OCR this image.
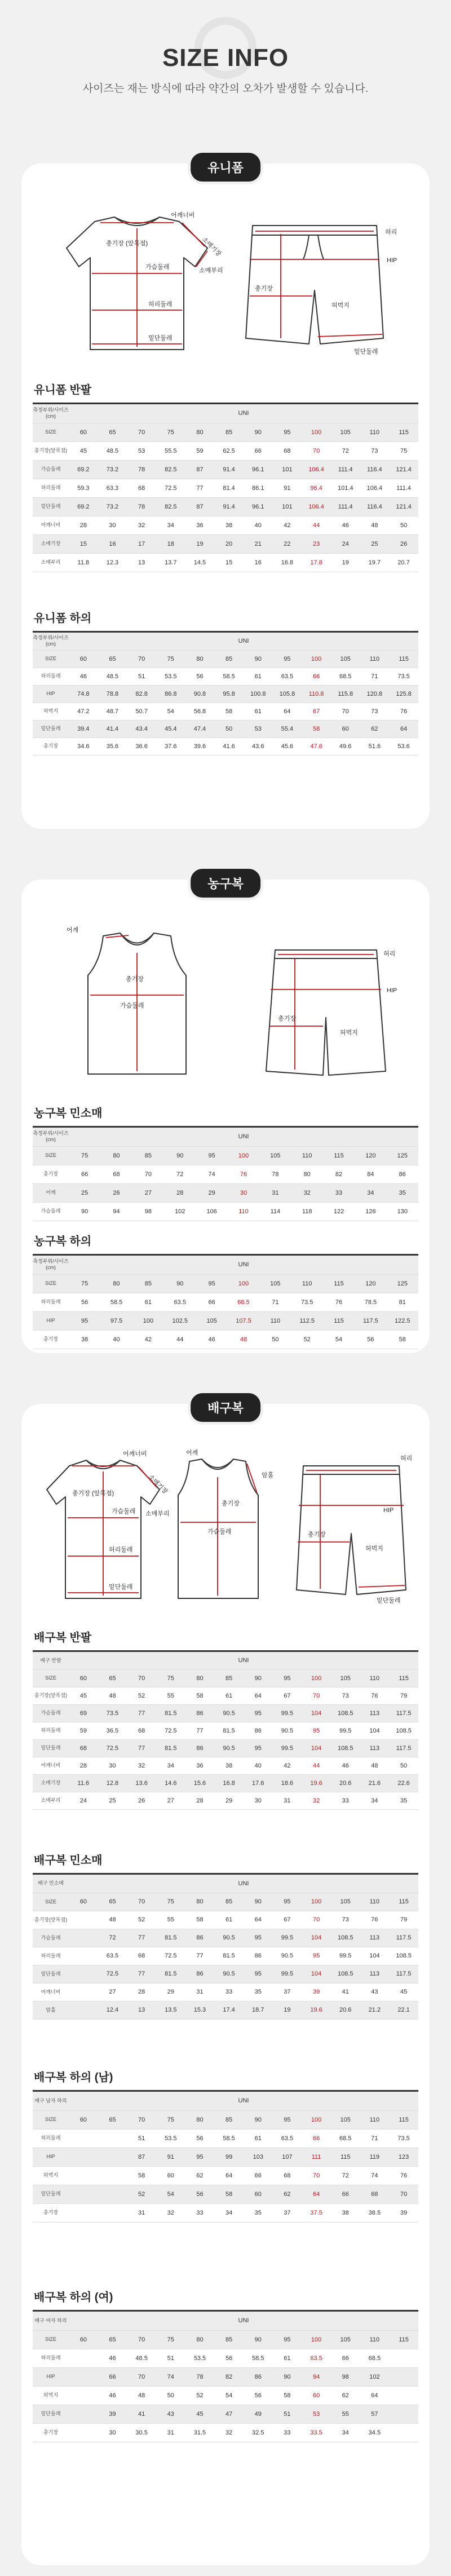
SIZE INFO
사이즈는 재는 방식에 따라 약간의 오차가 발생할 수 있습니다.
유니폼
어깨너비
총기장 (앞목점)
가슴둘레
소매기장
소매부리
허리둘레
밑단둘레
허리
HIP
총기장
허벅지
밑단둘레
유니폼 반팔
측정부위/사이즈 (cm)	UNI											
SIZE	60	65	70	75	80	85	90	95	100	105	110	115
총기장(앞목점)	45	48.5	53	55.5	59	62.5	66	68	70	72	73	75
가슴둘레	69.2	73.2	78	82.5	87	91.4	96.1	101	106.4	111.4	116.4	121.4
허리둘레	59.3	63.3	68	72.5	77	81.4	86.1	91	96.4	101.4	106.4	111.4
밑단둘레	69.2	73.2	78	82.5	87	91.4	96.1	101	106.4	111.4	116.4	121.4
어깨너비	28	30	32	34	36	38	40	42	44	46	48	50
소매기장	15	16	17	18	19	20	21	22	23	24	25	26
소매부리	11.8	12.3	13	13.7	14.5	15	16	16.8	17.8	19	19.7	20.7
유니폼 하의
측정부위/사이즈 (cm)	UNI											
SIZE	60	65	70	75	80	85	90	95	100	105	110	115
허리둘레	46	48.5	51	53.5	56	58.5	61	63.5	66	68.5	71	73.5
HIP	74.8	78.8	82.8	86.8	90.8	95.8	100.8	105.8	110.8	115.8	120.8	125.8
허벅지	47.2	48.7	50.7	54	56.8	58	61	64	67	70	73	76
밑단둘레	39.4	41.4	43.4	45.4	47.4	50	53	55.4	58	60	62	64
총기장	34.6	35.6	36.6	37.6	39.6	41.6	43.6	45.6	47.6	49.6	51.6	53.6
농구복
어깨
총기장
가슴둘레
허리
HIP
총기장
허벅지
농구복 민소매
측정부위/사이즈 (cm)	UNI										
SIZE	75	80	85	90	95	100	105	110	115	120	125
총기장	66	68	70	72	74	76	78	80	82	84	86
어깨	25	26	27	28	29	30	31	32	33	34	35
가슴둘레	90	94	98	102	106	110	114	118	122	126	130
농구복 하의
측정부위/사이즈 (cm)	UNI										
SIZE	75	80	85	90	95	100	105	110	115	120	125
허리둘레	56	58.5	61	63.5	66	68.5	71	73.5	76	78.5	81
HIP	95	97.5	100	102.5	105	107.5	110	112.5	115	117.5	122.5
총기장	38	40	42	44	46	48	50	52	54	56	58
배구복
어깨너비
총기장 (앞목점)
가슴둘레
소매기장
소매부리
허리둘레
밑단둘레
어깨
총기장
가슴둘레
암홀
허리
HIP
총기장
허벅지
밑단둘레
배구복 반팔
배구 반팔	UNI											
SIZE	60	65	70	75	80	85	90	95	100	105	110	115
총기장(앞목점)	45	48	52	55	58	61	64	67	70	73	76	79
가슴둘레	69	73.5	77	81.5	86	90.5	95	99.5	104	108.5	113	117.5
허리둘레	59	36.5	68	72.5	77	81.5	86	90.5	95	99.5	104	108.5
밑단둘레	68	72.5	77	81.5	86	90.5	95	99.5	104	108.5	113	117.5
어깨너비	28	30	32	34	36	38	40	42	44	46	48	50
소매기장	11.6	12.8	13.6	14.6	15.6	16.8	17.6	18.6	19.6	20.6	21.6	22.6
소매부리	24	25	26	27	28	29	30	31	32	33	34	35
배구복 민소매
배구 민소매	UNI											
SIZE	60	65	70	75	80	85	90	95	100	105	110	115
총기장(앞목점)		48	52	55	58	61	64	67	70	73	76	79
가슴둘레		72	77	81.5	86	90.5	95	99.5	104	108.5	113	117.5
허리둘레		63.5	68	72.5	77	81.5	86	90.5	95	99.5	104	108.5
밑단둘레		72.5	77	81.5	86	90.5	95	99.5	104	108.5	113	117.5
어깨너비		27	28	29	31	33	35	37	39	41	43	45
암홀		12.4	13	13.5	15.3	17.4	18.7	19	19.6	20.6	21.2	22.1
배구복 하의 (남)
배구 남자 하의	UNI											
SIZE	60	65	70	75	80	85	90	95	100	105	110	115
허리둘레			51	53.5	56	58.5	61	63.5	66	68.5	71	73.5
HIP			87	91	95	99	103	107	111	115	119	123
허벅지			58	60	62	64	66	68	70	72	74	76
밑단둘레			52	54	56	58	60	62	64	66	68	70
총기장			31	32	33	34	35	37	37.5	38	38.5	39
배구복 하의 (여)
배구 여자 하의	UNI											
SIZE	60	65	70	75	80	85	90	95	100	105	110	115
허리둘레		46	48.5	51	53.5	56	58.5	61	63.5	66	68.5	
HIP		66	70	74	78	82	86	90	94	98	102	
허벅지		46	48	50	52	54	56	58	60	62	64	
밑단둘레		39	41	43	45	47	49	51	53	55	57	
총기장		30	30.5	31	31.5	32	32.5	33	33.5	34	34.5	
